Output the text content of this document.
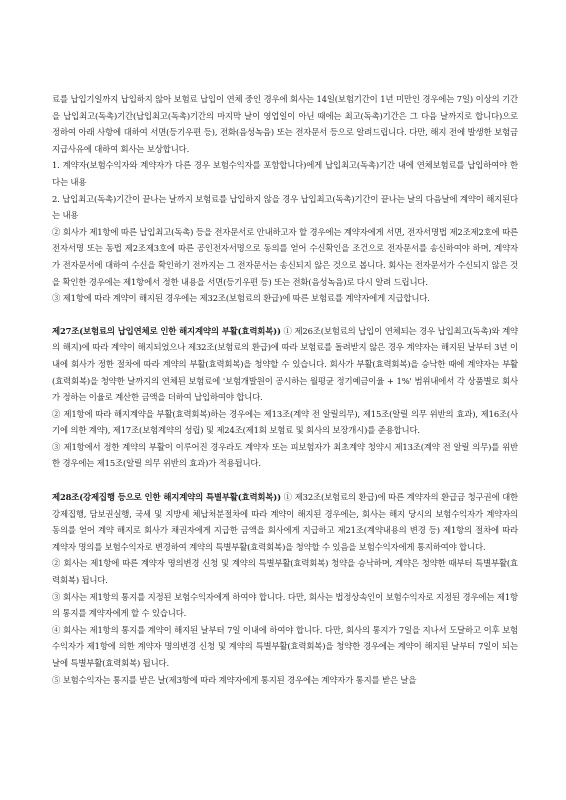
료를 납입기일까지 납입하지 않아 보험료 납입이 연체 중인 경우에 회사는 14일(보험기간이 1년 미만인 경우에는 7일) 이상의 기간을 납입최고(독촉)기간(납입최고(독촉)기간의 마지막 날이 영업일이 아닌 때에는 최고(독촉)기간은 그 다음 날까지로 합니다)으로 정하여 아래 사항에 대하여 서면(등기우편 등), 전화(음성녹음) 또는 전자문서 등으로 알려드립니다. 다만, 해지 전에 발생한 보험금 지급사유에 대하여 회사는 보상합니다.

1. 계약자(보험수익자와 계약자가 다른 경우 보험수익자를 포함합니다)에게 납입최고(독촉)기간 내에 연체보험료를 납입하여야 한다는 내용

2. 납입최고(독촉)기간이 끝나는 날까지 보험료를 납입하지 않을 경우 납입최고(독촉)기간이 끝나는 날의 다음날에 계약이 해지된다는 내용

② 회사가 제1항에 따른 납입최고(독촉) 등을 전자문서로 안내하고자 할 경우에는 계약자에게 서면, 전자서명법 제2조제2호에 따른 전자서명 또는 동법 제2조제3호에 따른 공인전자서명으로 동의를 얻어 수신확인을 조건으로 전자문서를 송신하여야 하며, 계약자가 전자문서에 대하여 수신을 확인하기 전까지는 그 전자문서는 송신되지 않은 것으로 봅니다. 회사는 전자문서가 수신되지 않은 것을 확인한 경우에는 제1항에서 정한 내용을 서면(등기우편 등) 또는 전화(음성녹음)로 다시 알려 드립니다.

③ 제1항에 따라 계약이 해지된 경우에는 제32조(보험료의 환급)에 따른 보험료를 계약자에게 지급합니다.

제27조(보험료의 납입연체로 인한 해지계약의 부활(효력회복)) ① 제26조(보험료의 납입이 연체되는 경우 납입최고(독촉)와 계약의 해지)에 따라 계약이 해지되었으나 제32조(보험료의 환급)에 따라 보험료를 돌려받지 않은 경우 계약자는 해지된 날부터 3년 이내에 회사가 정한 절차에 따라 계약의 부활(효력회복)을 청약할 수 있습니다. 회사가 부활(효력회복)을 승낙한 때에 계약자는 부활(효력회복)을 청약한 날까지의 연체된 보험료에 '보험개발원이 공시하는 월평균 정기예금이율 + 1%' 범위내에서 각 상품별로 회사가 정하는 이율로 계산한 금액을 더하여 납입하여야 합니다.

② 제1항에 따라 해지계약을 부활(효력회복)하는 경우에는 제13조(계약 전 알릴의무), 제15조(알릴 의무 위반의 효과), 제16조(사기에 의한 계약), 제17조(보험계약의 성립) 및 제24조(제1회 보험료 및 회사의 보장개시)를 준용합니다.

③ 제1항에서 정한 계약의 부활이 이루어진 경우라도 계약자 또는 피보험자가 최초계약 청약시 제13조(계약 전 알릴 의무)를 위반한 경우에는 제15조(알릴 의무 위반의 효과)가 적용됩니다.

제28조(강제집행 등으로 인한 해지계약의 특별부활(효력회복)) ① 제32조(보험료의 환급)에 따른 계약자의 환급금 청구권에 대한 강제집행, 담보권실행, 국세 및 지방세 체납처분절차에 따라 계약이 해지된 경우에는, 회사는 해지 당시의 보험수익자가 계약자의 동의를 얻어 계약 해지로 회사가 채권자에게 지급한 금액을 회사에게 지급하고 제21조(계약내용의 변경 등) 제1항의 절차에 따라 계약자 명의를 보험수익자로 변경하여 계약의 특별부활(효력회복)을 청약할 수 있음을 보험수익자에게 통지하여야 합니다.

② 회사는 제1항에 따른 계약자 명의변경 신청 및 계약의 특별부활(효력회복) 청약을 승낙하며, 계약은 청약한 때부터 특별부활(효력회복) 됩니다.

③ 회사는 제1항의 통지를 지정된 보험수익자에게 하여야 합니다. 다만, 회사는 법정상속인이 보험수익자로 지정된 경우에는 제1항의 통지를 계약자에게 할 수 있습니다.

④ 회사는 제1항의 통지를 계약이 해지된 날부터 7일 이내에 하여야 합니다. 다만, 회사의 통지가 7일을 지나서 도달하고 이후 보험수익자가 제1항에 의한 계약자 명의변경 신청 및 계약의 특별부활(효력회복)을 청약한 경우에는 계약이 해지된 날부터 7일이 되는 날에 특별부활(효력회복) 됩니다.

⑤ 보험수익자는 통지를 받은 날(제3항에 따라 계약자에게 통지된 경우에는 계약자가 통지를 받은 날을
